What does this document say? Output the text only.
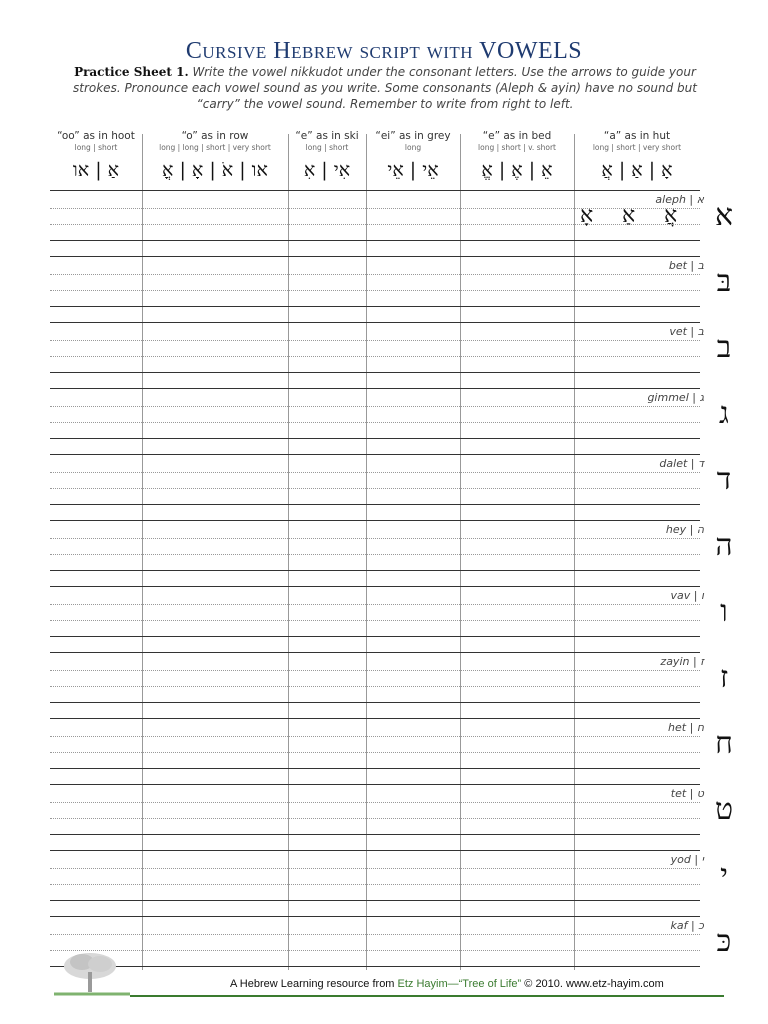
Cursive Hebrew script with VOWELS
Practice Sheet 1. Write the vowel nikkudot under the consonant letters. Use the arrows to guide your strokes. Pronounce each vowel sound as you write. Some consonants (Aleph & ayin) have no sound but “carry” the vowel sound. Remember to write from right to left.
“oo” as in hoot
long | short
אַ | או
“o” as in row
long | long | short | very short
או | אֹ | אָ | אֳ
“e” as in ski
long | short
אִי | אִ
“ei” as in grey
long
אֵי | אֵי
“e” as in bed
long | short | v. short
אֵ | אֶ | אֱ
“a” as in hut
long | short | very short
אָ | אַ | אֲ
aleph | א
bet | ב
vet | ב
gimmel | ג
dalet | ד
hey | ה
vav | ו
zayin | ז
het | ח
tet | ט
yod | י
kaf | כ
אָ אַ אֲ	א
בּ
ב
ג
ד
ה
ו
ז
ח
ט
י
כּ
A Hebrew Learning resource from Etz Hayim—“Tree of Life” © 2010. www.etz-hayim.com
